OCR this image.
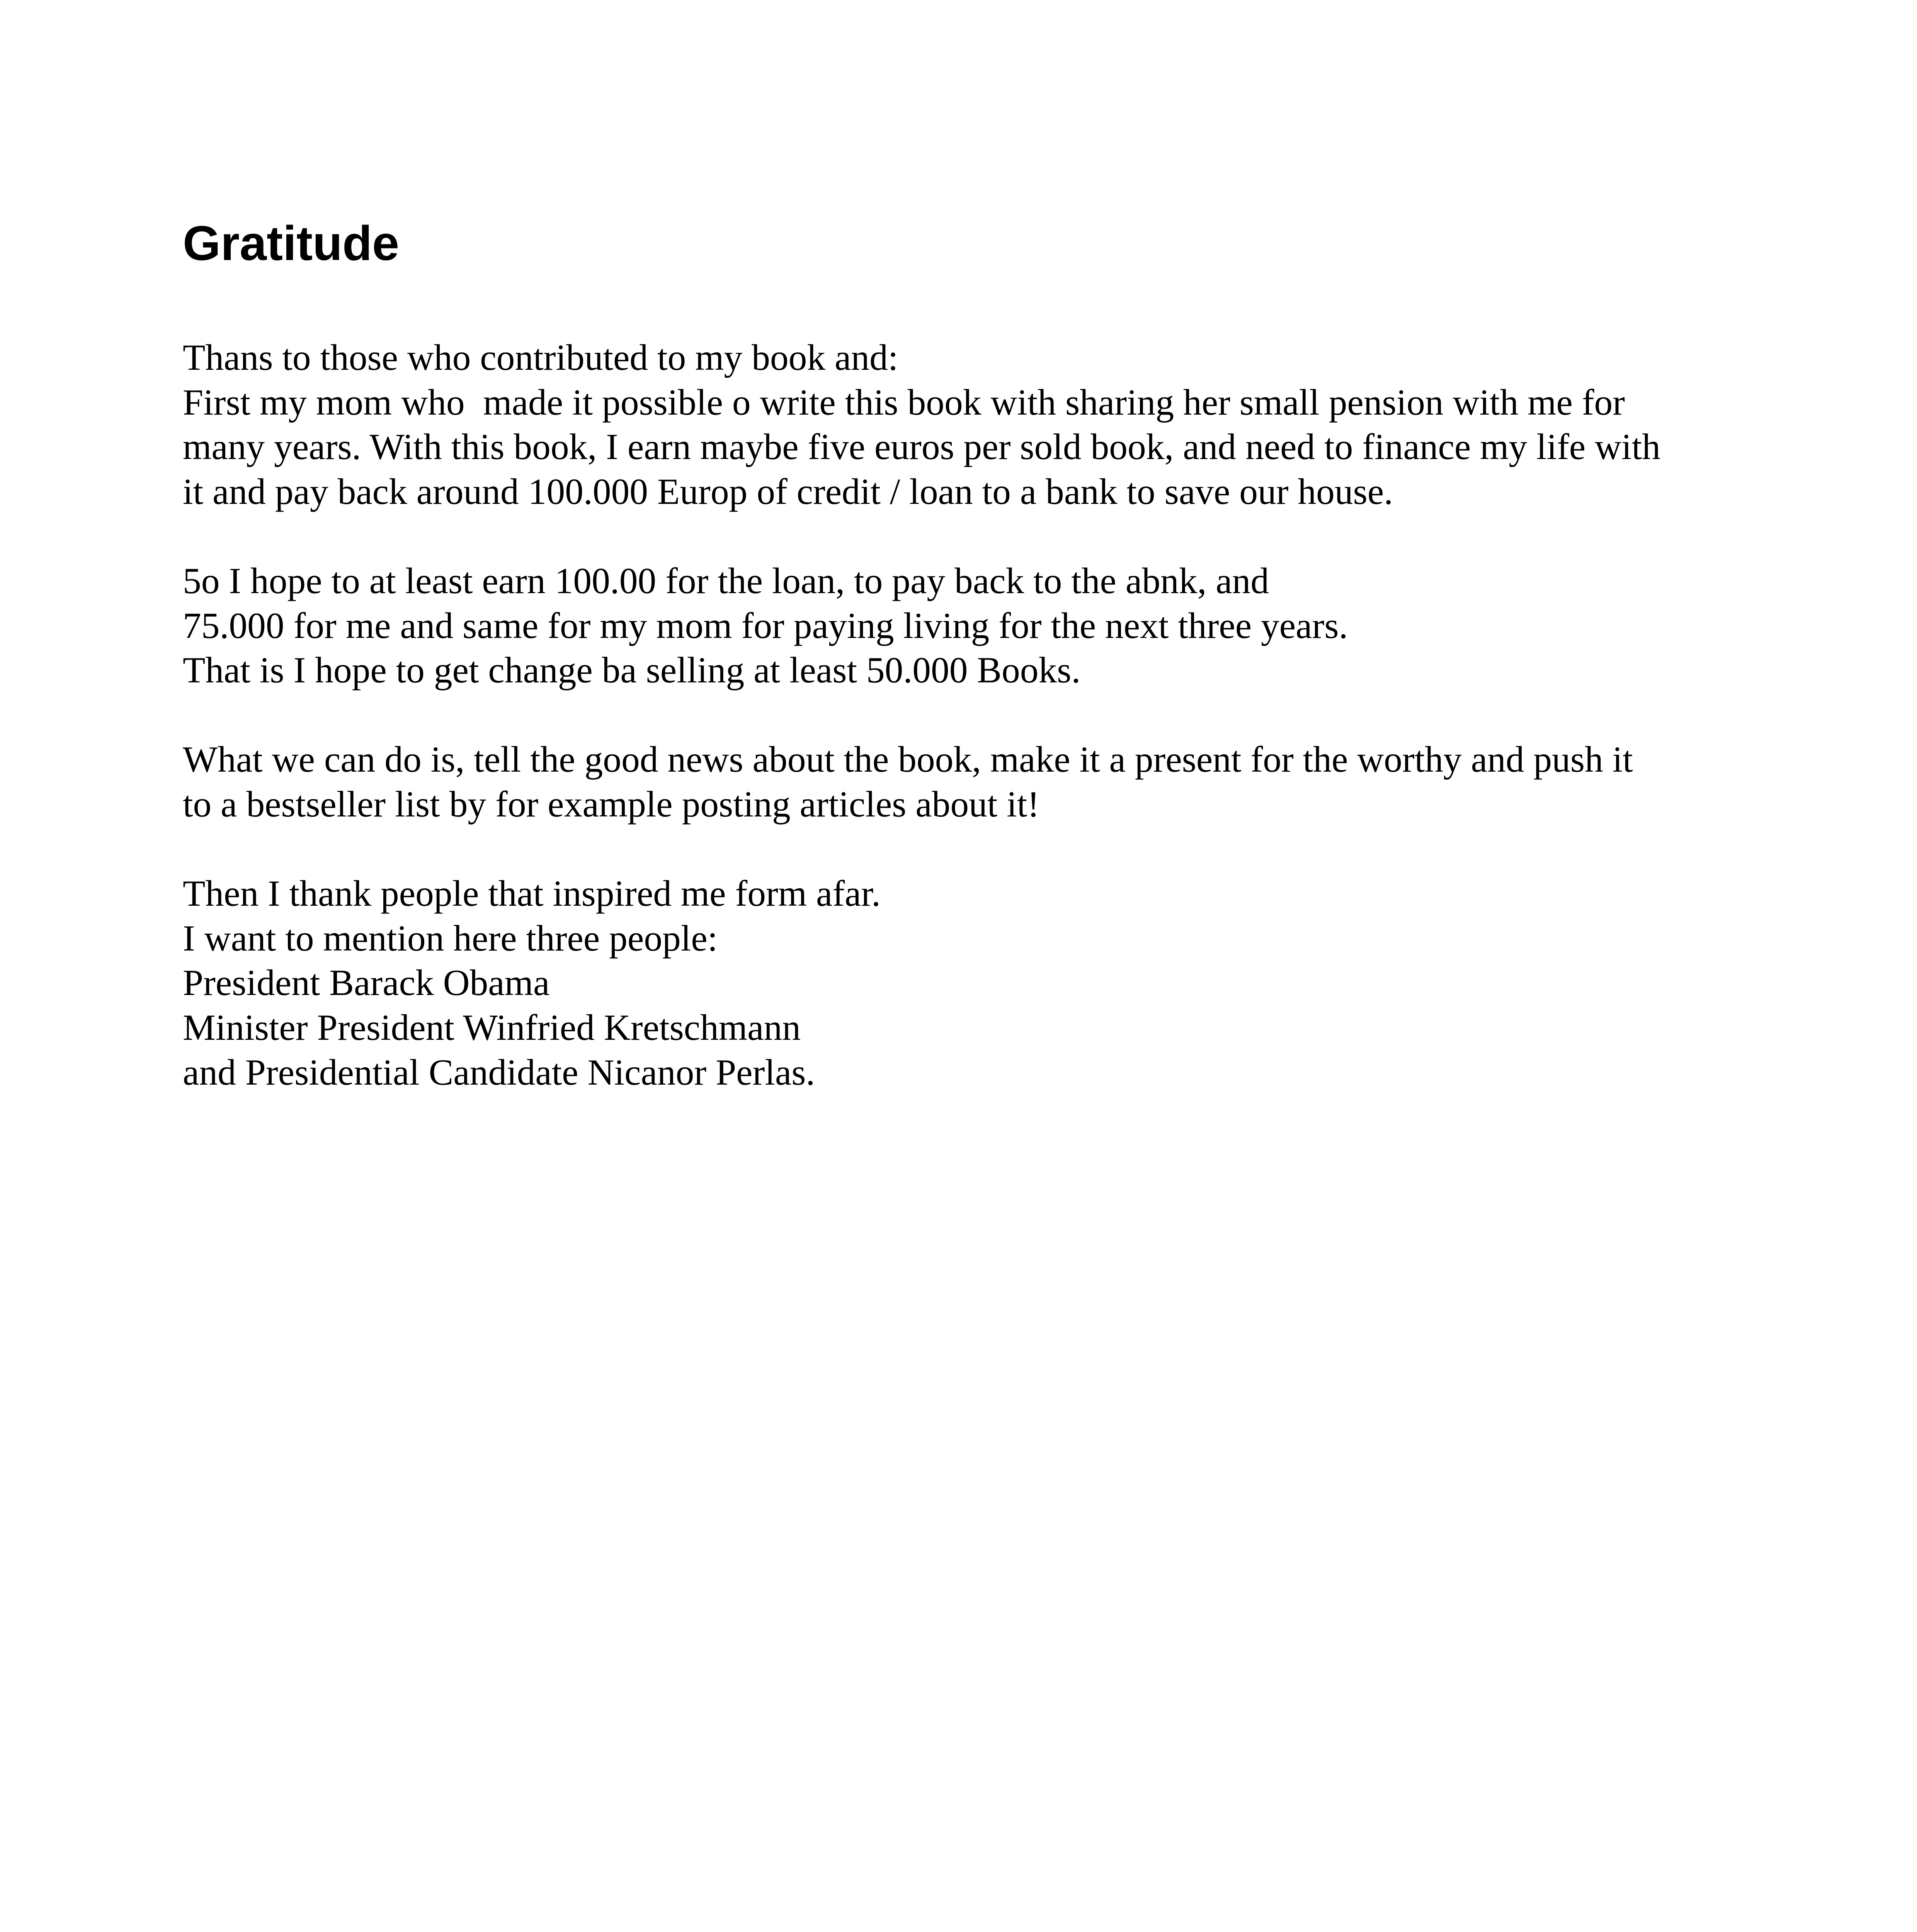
Gratitude
Thans to those who contributed to my book and:
First my mom who  made it possible o write this book with sharing her small pension with me for
many years. With this book, I earn maybe five euros per sold book, and need to finance my life with
it and pay back around 100.000 Europ of credit / loan to a bank to save our house.
5o I hope to at least earn 100.00 for the loan, to pay back to the abnk, and
75.000 for me and same for my mom for paying living for the next three years.
That is I hope to get change ba selling at least 50.000 Books.
What we can do is, tell the good news about the book, make it a present for the worthy and push it
to a bestseller list by for example posting articles about it!
Then I thank people that inspired me form afar.
I want to mention here three people:
President Barack Obama
Minister President Winfried Kretschmann
and Presidential Candidate Nicanor Perlas.
